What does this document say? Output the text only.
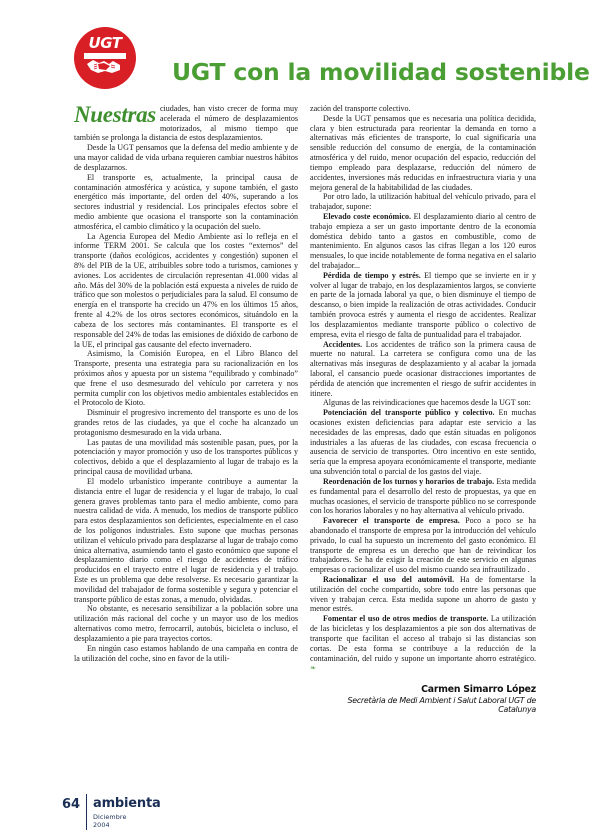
UGT
UGT con la movilidad sostenible

Nuestras ciudades, han visto crecer de forma muy acelerada el número de desplazamientos motorizados, al mismo tiempo que también se prolonga la distancia de estos desplazamientos.

Desde la UGT pensamos que la defensa del medio ambiente y de una mayor calidad de vida urbana requieren cambiar nuestros hábitos de desplazarnos.

El transporte es, actualmente, la principal causa de contaminación atmosférica y acústica, y supone también, el gasto energético más importante, del orden del 40%, superando a los sectores industrial y residencial. Los principales efectos sobre el medio ambiente que ocasiona el transporte son la contaminación atmosférica, el cambio climático y la ocupación del suelo.

La Agencia Europea del Medio Ambiente así lo refleja en el informe TERM 2001. Se calcula que los costes “externos” del transporte (daños ecológicos, accidentes y congestión) suponen el 8% del PIB de la UE, atribuibles sobre todo a turismos, camiones y aviones. Los accidentes de circulación representan 41.000 vidas al año. Más del 30% de la población está expuesta a niveles de ruido de tráfico que son molestos o perjudiciales para la salud. El consumo de energía en el transporte ha crecido un 47% en los últimos 15 años, frente al 4.2% de los otros sectores económicos, situándolo en la cabeza de los sectores más contaminantes. El transporte es el responsable del 24% de todas las emisiones de dióxido de carbono de la UE, el principal gas causante del efecto invernadero.

Asimismo, la Comisión Europea, en el Libro Blanco del Transporte, presenta una estrategia para su racionalización en los próximos años y apuesta por un sistema “equilibrado y combinado” que frene el uso desmesurado del vehículo por carretera y nos permita cumplir con los objetivos medio ambientales establecidos en el Protocolo de Kioto.

Disminuir el progresivo incremento del transporte es uno de los grandes retos de las ciudades, ya que el coche ha alcanzado un protagonismo desmesurado en la vida urbana.

Las pautas de una movilidad más sostenible pasan, pues, por la potenciación y mayor promoción y uso de los transportes públicos y colectivos, debido a que el desplazamiento al lugar de trabajo es la principal causa de movilidad urbana.

El modelo urbanístico imperante contribuye a aumentar la distancia entre el lugar de residencia y el lugar de trabajo, lo cual genera graves problemas tanto para el medio ambiente, como para nuestra calidad de vida. A menudo, los medios de transporte público para estos desplazamientos son deficientes, especialmente en el caso de los polígonos industriales. Esto supone que muchas personas utilizan el vehículo privado para desplazarse al lugar de trabajo como única alternativa, asumiendo tanto el gasto económico que supone el desplazamiento diario como el riesgo de accidentes de tráfico producidos en el trayecto entre el lugar de residencia y el trabajo. Este es un problema que debe resolverse. Es necesario garantizar la movilidad del trabajador de forma sostenible y segura y potenciar el transporte público de estas zonas, a menudo, olvidadas.

No obstante, es necesario sensibilizar a la población sobre una utilización más racional del coche y un mayor uso de los medios alternativos como metro, ferrocarril, autobús, bicicleta o incluso, el desplazamiento a pie para trayectos cortos.

En ningún caso estamos hablando de una campaña en contra de la utilización del coche, sino en favor de la utili-

zación del transporte colectivo.

Desde la UGT pensamos que es necesaria una política decidida, clara y bien estructurada para reorientar la demanda en torno a alternativas más eficientes de transporte, lo cual significaría una sensible reducción del consumo de energía, de la contaminación atmosférica y del ruido, menor ocupación del espacio, reducción del tiempo empleado para desplazarse, reducción del número de accidentes, inversiones más reducidas en infraestructura viaria y una mejora general de la habitabilidad de las ciudades.

Por otro lado, la utilización habitual del vehículo privado, para el trabajador, supone:

Elevado coste económico. El desplazamiento diario al centro de trabajo empieza a ser un gasto importante dentro de la economía doméstica debido tanto a gastos en combustible, como de mantenimiento. En algunos casos las cifras llegan a los 120 euros mensuales, lo que incide notablemente de forma negativa en el salario del trabajador...

Pérdida de tiempo y estrés. El tiempo que se invierte en ir y volver al lugar de trabajo, en los desplazamientos largos, se convierte en parte de la jornada laboral ya que, o bien disminuye el tiempo de descanso, o bien impide la realización de otras actividades. Conducir también provoca estrés y aumenta el riesgo de accidentes. Realizar los desplazamientos mediante transporte público o colectivo de empresa, evita el riesgo de falta de puntualidad para el trabajador.

Accidentes. Los accidentes de tráfico son la primera causa de muerte no natural. La carretera se configura como una de las alternativas más inseguras de desplazamiento y al acabar la jornada laboral, el cansancio puede ocasionar distracciones importantes de pérdida de atención que incrementen el riesgo de sufrir accidentes in itinere.

Algunas de las reivindicaciones que hacemos desde la UGT son:

Potenciación del transporte público y colectivo. En muchas ocasiones existen deficiencias para adaptar este servicio a las necesidades de las empresas, dado que están situadas en polígonos industriales a las afueras de las ciudades, con escasa frecuencia o ausencia de servicio de transportes. Otro incentivo en este sentido, sería que la empresa apoyara económicamente el transporte, mediante una subvención total o parcial de los gastos del viaje.

Reordenación de los turnos y horarios de trabajo. Esta medida es fundamental para el desarrollo del resto de propuestas, ya que en muchas ocasiones, el servicio de transporte público no se corresponde con los horarios laborales y no hay alternativa al vehículo privado.

Favorecer el transporte de empresa. Poco a poco se ha abandonado el transporte de empresa por la introducción del vehículo privado, lo cual ha supuesto un incremento del gasto económico. El transporte de empresa es un derecho que han de reivindicar los trabajadores. Se ha de exigir la creación de este servicio en algunas empresas o racionalizar el uso del mismo cuando sea infrautilizado .

Racionalizar el uso del automóvil. Ha de fomentarse la utilización del coche compartido, sobre todo entre las personas que viven y trabajan cerca. Esta medida supone un ahorro de gasto y menor estrés.

Fomentar el uso de otros medios de transporte. La utilización de las bicicletas y los desplazamientos a pie son dos alternativas de transporte que facilitan el acceso al trabajo si las distancias son cortas. De esta forma se contribuye a la reducción de la contaminación, del ruido y supone un importante ahorro estratégico. ❧

Carmen Simarro López
Secretària de Medi Ambient i Salut Laboral UGT de Catalunya
64 ambienta
Diciembre 2004
